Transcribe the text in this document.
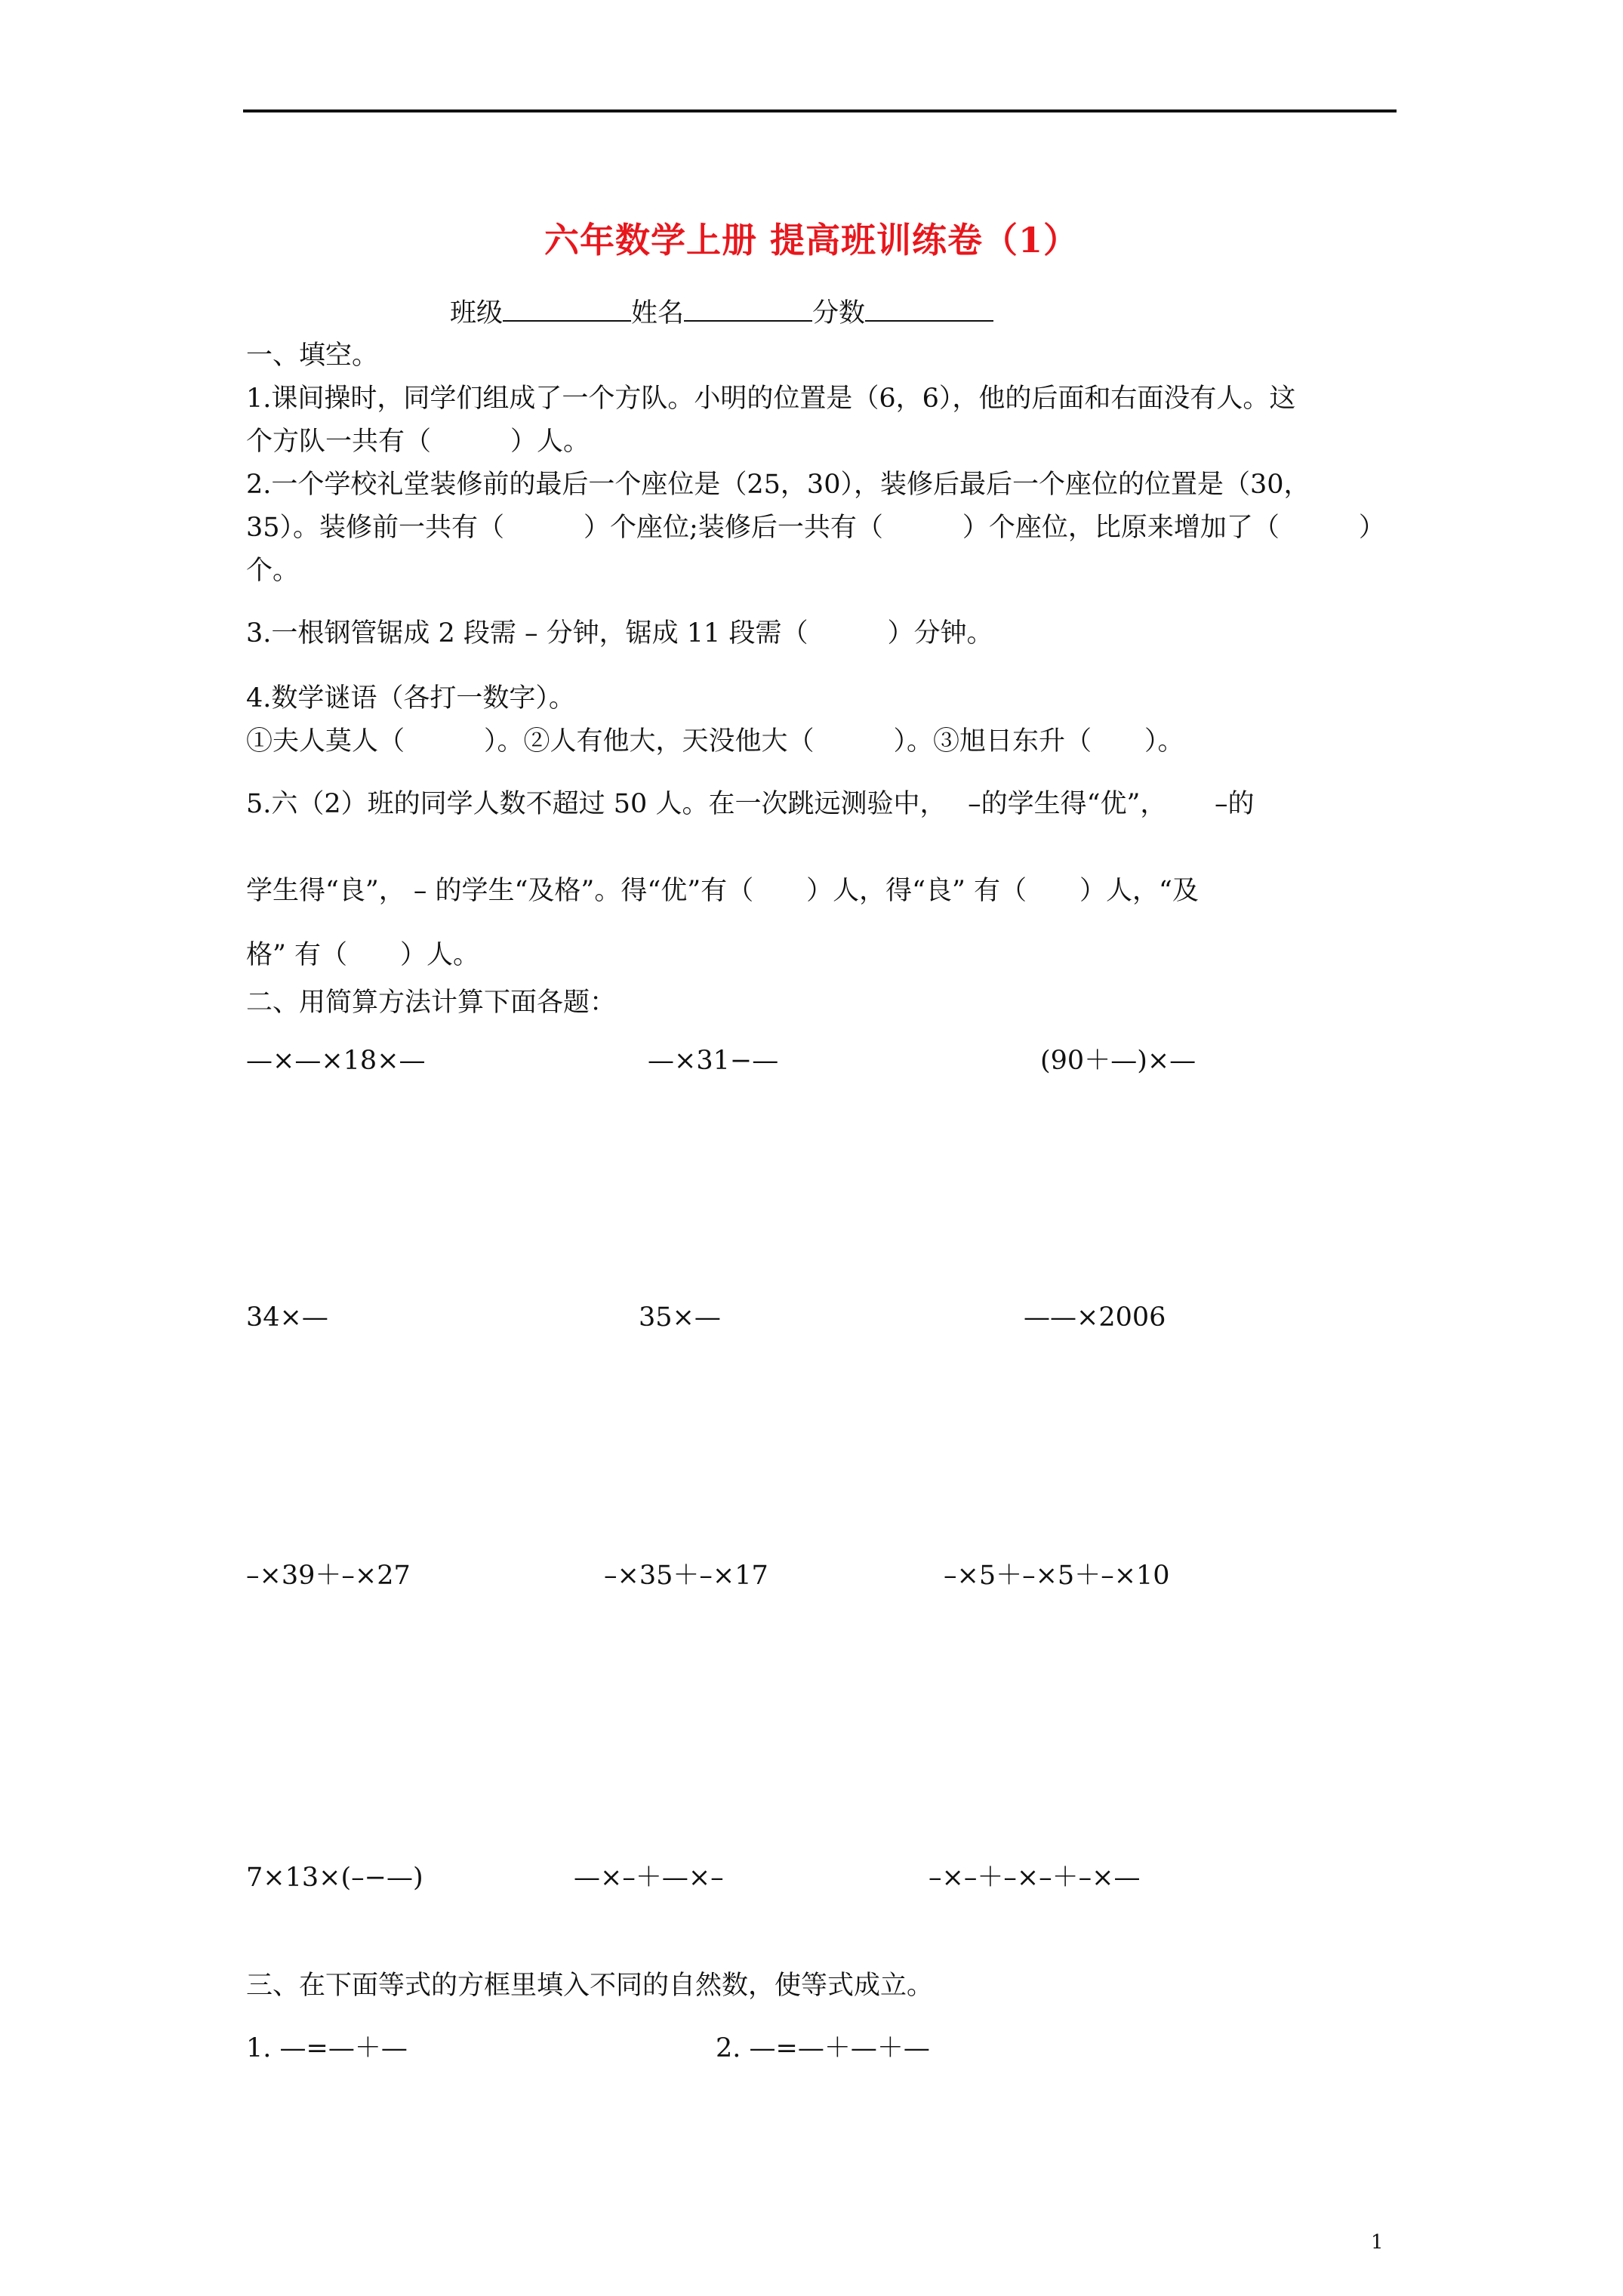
六年数学上册 提高班训练卷（1）
班级	姓名	分数
一、填空。
1.课间操时，同学们组成了一个方队。小明的位置是（6，6），他的后面和右面没有人。这
个方队一共有（　　　）人。
2.一个学校礼堂装修前的最后一个座位是（25，30），装修后最后一个座位的位置是（30，
35）。装修前一共有（　　　）个座位;装修后一共有（　　　）个座位，比原来增加了（　　　）
个。
3.一根钢管锯成 2 段需 – 分钟，锯成 11 段需（　　　）分钟。
4.数学谜语（各打一数字）。
①夫人莫人（　　　）。②人有他大，天没他大（　　　）。③旭日东升（　　）。
5.六（2）班的同学人数不超过 50 人。在一次跳远测验中，　 –的学生得“优”，　　 –的
学生得“良”， – 的学生“及格”。得“优”有（　　）人，得“良” 有（　　）人，“及
格” 有（　　）人。
二、用简算方法计算下面各题：
—×—×18×—	—×31−—	(90＋—)×—
34×—	35×—	——×2006
–×39＋–×27	–×35＋–×17	–×5＋–×5＋–×10
7×13×(–−—)	—×–＋—×–	–×–＋–×–＋–×—
三、在下面等式的方框里填入不同的自然数，使等式成立。
1. —=—＋—	2. —=—＋—＋—
1
